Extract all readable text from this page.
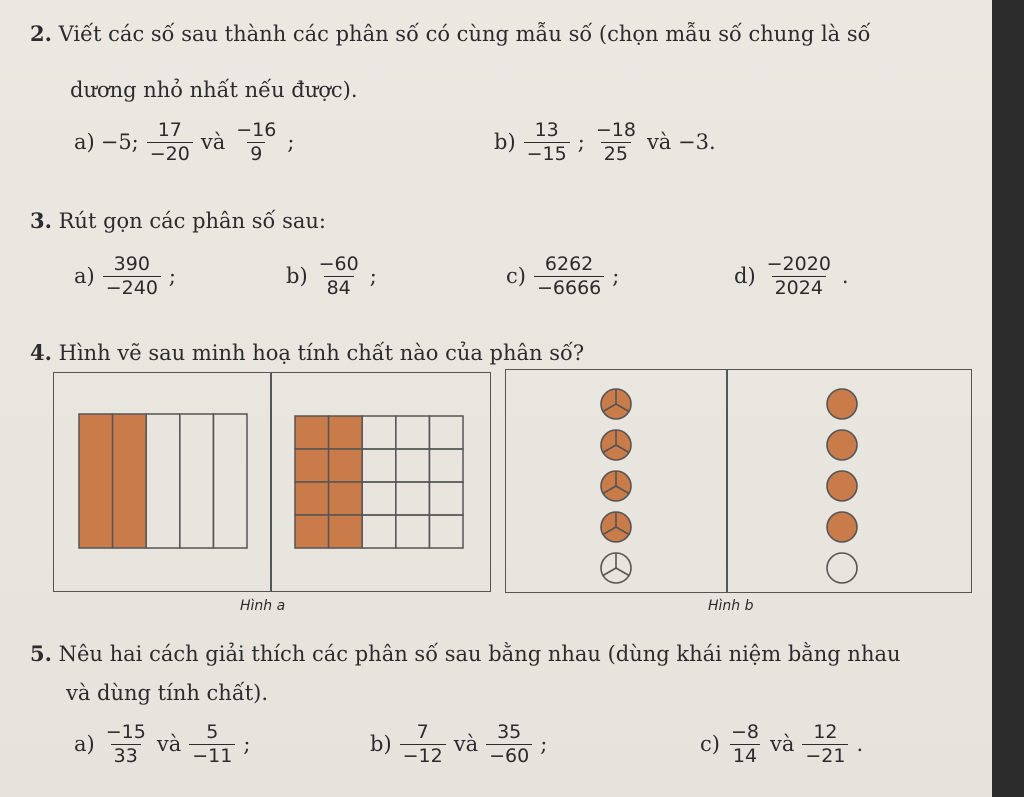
2. Viết các số sau thành các phân số có cùng mẫu số (chọn mẫu số chung là số
dương nhỏ nhất nếu được).
a) −5; $\frac{17}{-20}$ và $\frac{-16}{9}$ ;	$b) \frac{13}{-15}$ ; $\frac{-18}{25}$ và −3.
3. Rút gọn các phân số sau:
$a) \frac{390}{-240}$ ;	$b) \frac{-60}{84}$ ;	$c) \frac{6262}{-6666}$ ;	$d) \frac{-2020}{2024}$ .
4. Hình vẽ sau minh hoạ tính chất nào của phân số?
Hình a	Hình b
5. Nêu hai cách giải thích các phân số sau bằng nhau (dùng khái niệm bằng nhau
và dùng tính chất).
$a) \frac{-15}{33}$ và $\frac{5}{-11}$ ;	$b) \frac{7}{-12}$ và $\frac{35}{-60}$ ;	$c) \frac{-8}{14}$ và $\frac{12}{-21}$ .
